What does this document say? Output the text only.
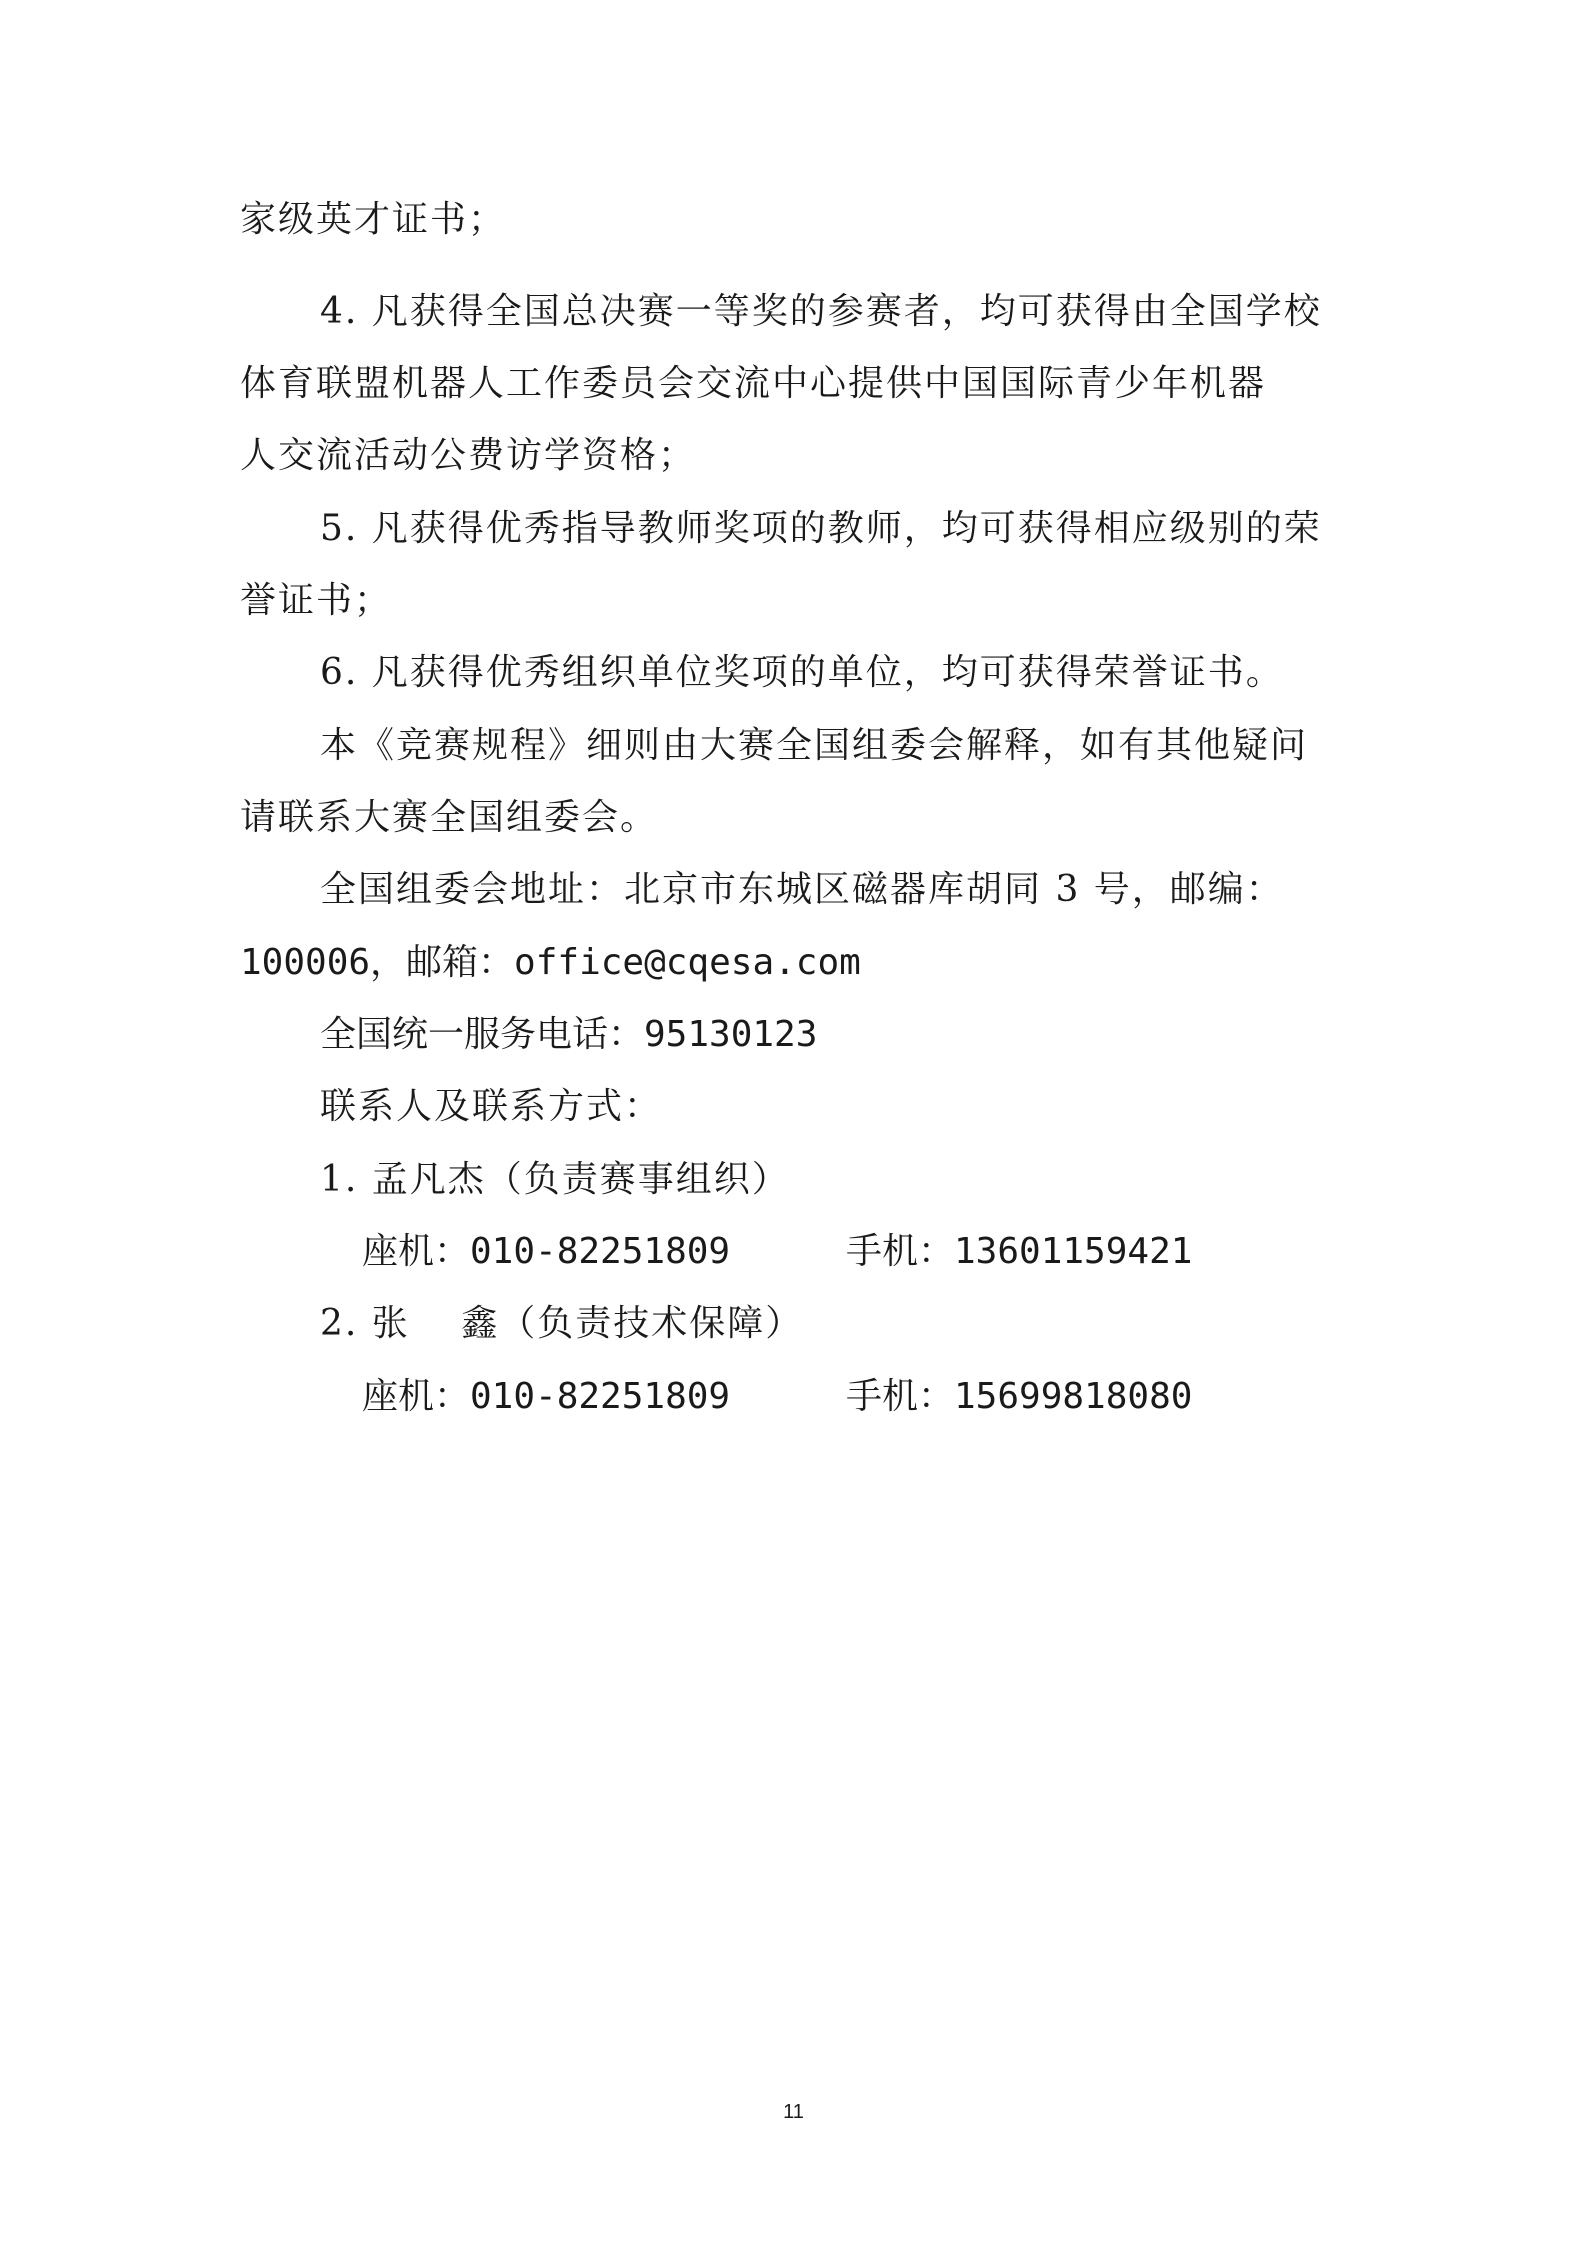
家级英才证书；
4. 凡获得全国总决赛一等奖的参赛者，均可获得由全国学校
体育联盟机器人工作委员会交流中心提供中国国际青少年机器
人交流活动公费访学资格；
5. 凡获得优秀指导教师奖项的教师，均可获得相应级别的荣
誉证书；
6. 凡获得优秀组织单位奖项的单位，均可获得荣誉证书。
本《竞赛规程》细则由大赛全国组委会解释，如有其他疑问
请联系大赛全国组委会。
全国组委会地址：北京市东城区磁器库胡同 3 号，邮编：
100006，邮箱：office@cqesa.com
全国统一服务电话：95130123
联系人及联系方式：
1. 孟凡杰（负责赛事组织）
座机：010-82251809	手机：13601159421
2. 张　 鑫（负责技术保障）
座机：010-82251809	手机：15699818080
11
